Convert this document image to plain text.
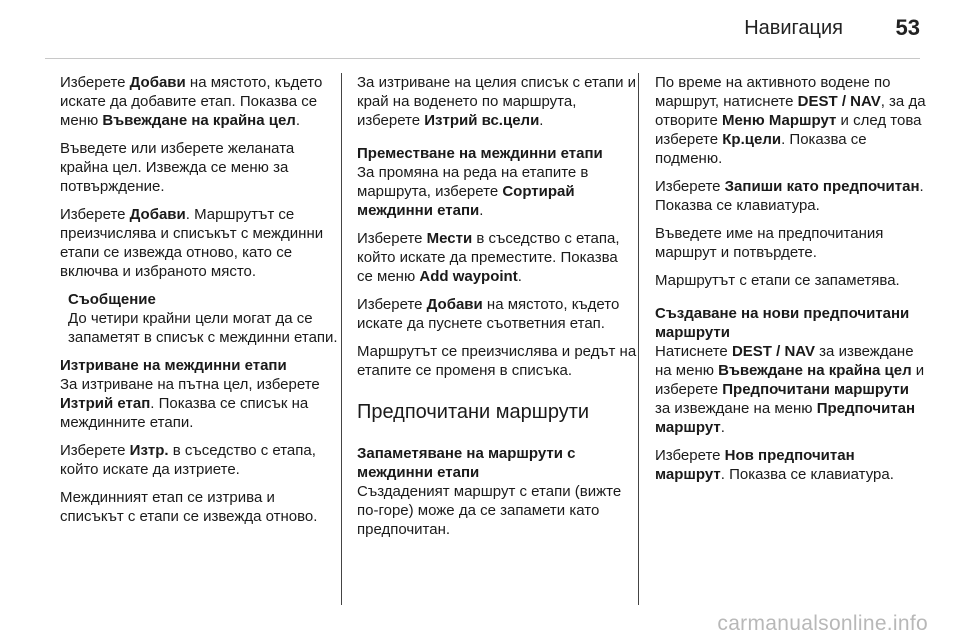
Навигация 53

Изберете Добави на мястото, където искате да добавите етап. Показва се меню Въвеждане на крайна цел.

Въведете или изберете желаната крайна цел. Извежда се меню за потвърждение.

Изберете Добави. Маршрутът се преизчислява и списъкът с междинни етапи се извежда отново, като се включва и избраното място.

Съобщение
До четири крайни цели могат да се запаметят в списък с междинни етапи.
Изтриване на междинни етапи

За изтриване на пътна цел, изберете Изтрий етап. Показва се списък на междинните етапи.

Изберете Изтр. в съседство с етапа, който искате да изтриете.

Междинният етап се изтрива и списъкът с етапи се извежда отново.

За изтриване на целия списък с етапи и край на воденето по маршрута, изберете Изтрий вс.цели.

Преместване на междинни етапи

За промяна на реда на етапите в маршрута, изберете Сортирай междинни етапи.

Изберете Мести в съседство с етапа, който искате да преместите. Показва се меню Add waypoint.

Изберете Добави на мястото, където искате да пуснете съответния етап.

Маршрутът се преизчислява и редът на етапите се променя в списъка.

Предпочитани маршрути
Запаметяване на маршрути с междинни етапи

Създаденият маршрут с етапи (вижте по-горе) може да се запамети като предпочитан.

По време на активното водене по маршрут, натиснете DEST / NAV, за да отворите Меню Маршрут и след това изберете Кр.цели. Показва се подменю.

Изберете Запиши като предпочитан. Показва се клавиатура.

Въведете име на предпочитания маршрут и потвърдете.

Маршрутът с етапи се запаметява.

Създаване на нови предпочитани маршрути

Натиснете DEST / NAV за извеждане на меню Въвеждане на крайна цел и изберете Предпочитани маршрути за извеждане на меню Предпочитан маршрут.

Изберете Нов предпочитан маршрут. Показва се клавиатура.

carmanualsonline.info
